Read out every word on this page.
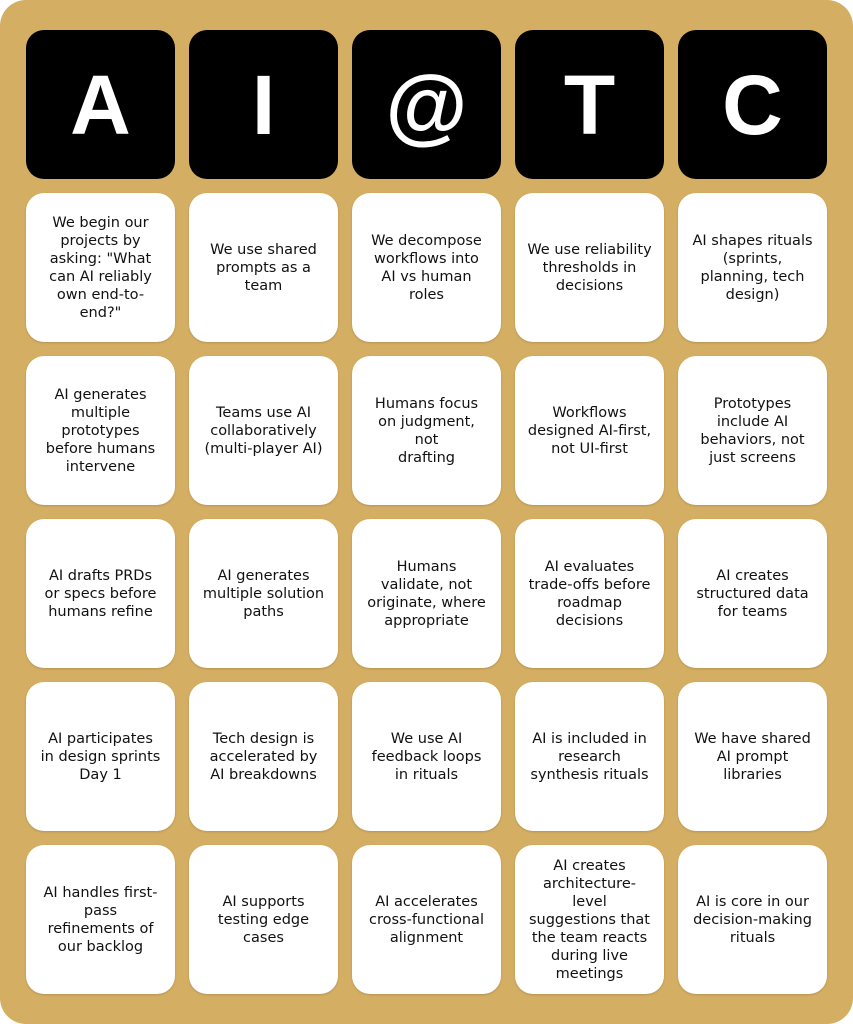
A	I	@	T	C
We begin our
projects by
asking: "What
can AI reliably
own end-to-
end?"
We use shared
prompts as a
team
We decompose
workflows into
AI vs human
roles
We use reliability
thresholds in
decisions
AI shapes rituals
(sprints,
planning, tech
design)
AI generates
multiple
prototypes
before humans
intervene
Teams use AI
collaboratively
(multi-player AI)
Humans focus
on judgment, not
drafting
Workflows
designed AI-first,
not UI-first
Prototypes
include AI
behaviors, not
just screens
AI drafts PRDs
or specs before
humans refine
AI generates
multiple solution
paths
Humans
validate, not
originate, where
appropriate
AI evaluates
trade-offs before
roadmap
decisions
AI creates
structured data
for teams
AI participates
in design sprints
Day 1
Tech design is
accelerated by
AI breakdowns
We use AI
feedback loops
in rituals
AI is included in
research
synthesis rituals
We have shared
AI prompt
libraries
AI handles first-
pass
refinements of
our backlog
AI supports
testing edge
cases
AI accelerates
cross-functional
alignment
AI creates
architecture-
level
suggestions that
the team reacts
during live
meetings
AI is core in our
decision-making
rituals
